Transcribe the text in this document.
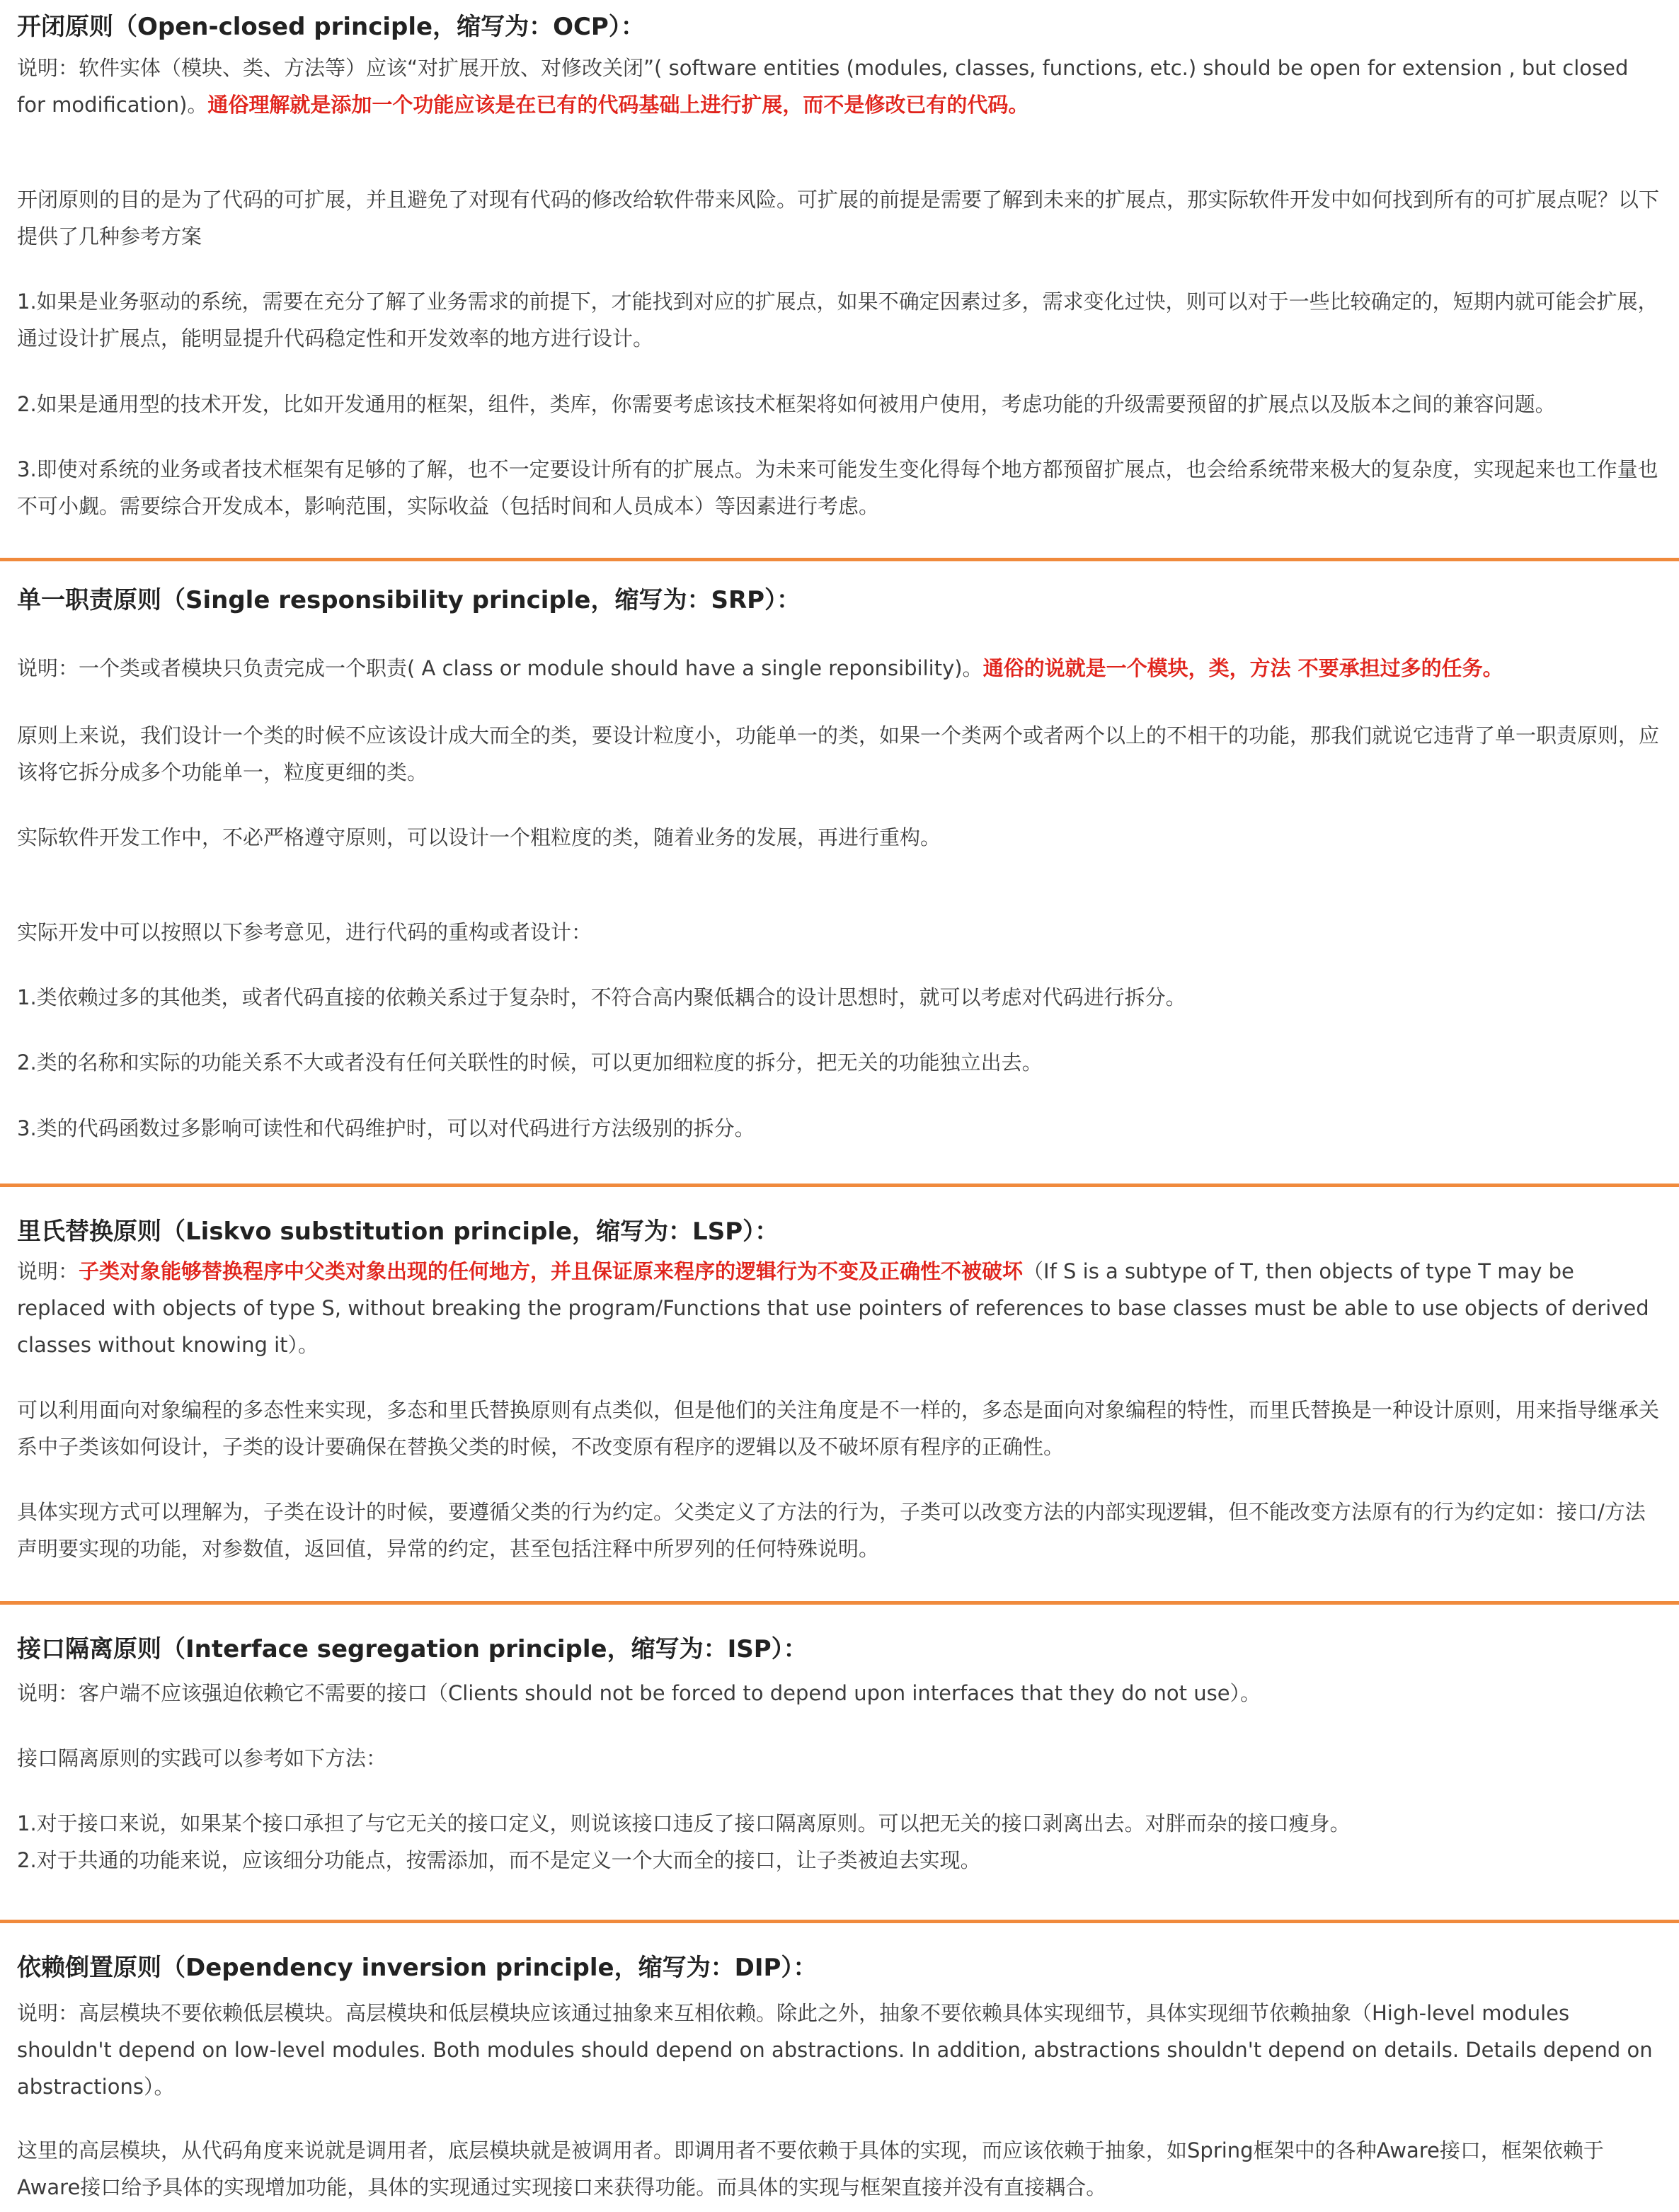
开闭原则（Open-closed principle，缩写为：OCP）：

说明：软件实体（模块、类、方法等）应该“对扩展开放、对修改关闭”( software entities (modules, classes, functions, etc.) should be open for extension , but closed for modification)。通俗理解就是添加一个功能应该是在已有的代码基础上进行扩展，而不是修改已有的代码。

开闭原则的目的是为了代码的可扩展，并且避免了对现有代码的修改给软件带来风险。可扩展的前提是需要了解到未来的扩展点，那实际软件开发中如何找到所有的可扩展点呢？以下提供了几种参考方案

1.如果是业务驱动的系统，需要在充分了解了业务需求的前提下，才能找到对应的扩展点，如果不确定因素过多，需求变化过快，则可以对于一些比较确定的，短期内就可能会扩展，通过设计扩展点，能明显提升代码稳定性和开发效率的地方进行设计。

2.如果是通用型的技术开发，比如开发通用的框架，组件，类库，你需要考虑该技术框架将如何被用户使用，考虑功能的升级需要预留的扩展点以及版本之间的兼容问题。

3.即使对系统的业务或者技术框架有足够的了解，也不一定要设计所有的扩展点。为未来可能发生变化得每个地方都预留扩展点，也会给系统带来极大的复杂度，实现起来也工作量也不可小觑。需要综合开发成本，影响范围，实际收益（包括时间和人员成本）等因素进行考虑。

单一职责原则（Single responsibility principle，缩写为：SRP）：

说明：一个类或者模块只负责完成一个职责( A class or module should have a single reponsibility)。通俗的说就是一个模块，类，方法 不要承担过多的任务。

原则上来说，我们设计一个类的时候不应该设计成大而全的类，要设计粒度小，功能单一的类，如果一个类两个或者两个以上的不相干的功能，那我们就说它违背了单一职责原则，应该将它拆分成多个功能单一，粒度更细的类。

实际软件开发工作中，不必严格遵守原则，可以设计一个粗粒度的类，随着业务的发展，再进行重构。

实际开发中可以按照以下参考意见，进行代码的重构或者设计：

1.类依赖过多的其他类，或者代码直接的依赖关系过于复杂时，不符合高内聚低耦合的设计思想时，就可以考虑对代码进行拆分。

2.类的名称和实际的功能关系不大或者没有任何关联性的时候，可以更加细粒度的拆分，把无关的功能独立出去。

3.类的代码函数过多影响可读性和代码维护时，可以对代码进行方法级别的拆分。

里氏替换原则（Liskvo substitution principle，缩写为：LSP）：

说明：子类对象能够替换程序中父类对象出现的任何地方，并且保证原来程序的逻辑行为不变及正确性不被破坏（If S is a subtype of T, then objects of type T may be replaced with objects of type S, without breaking the program/Functions that use pointers of references to base classes must be able to use objects of derived classes without knowing it）。

可以利用面向对象编程的多态性来实现，多态和里氏替换原则有点类似，但是他们的关注角度是不一样的，多态是面向对象编程的特性，而里氏替换是一种设计原则，用来指导继承关系中子类该如何设计，子类的设计要确保在替换父类的时候，不改变原有程序的逻辑以及不破坏原有程序的正确性。

具体实现方式可以理解为，子类在设计的时候，要遵循父类的行为约定。父类定义了方法的行为，子类可以改变方法的内部实现逻辑，但不能改变方法原有的行为约定如：接口/方法 声明要实现的功能，对参数值，返回值，异常的约定，甚至包括注释中所罗列的任何特殊说明。

接口隔离原则（Interface segregation principle，缩写为：ISP）：

说明：客户端不应该强迫依赖它不需要的接口（Clients should not be forced to depend upon interfaces that they do not use）。

接口隔离原则的实践可以参考如下方法：

1.对于接口来说，如果某个接口承担了与它无关的接口定义，则说该接口违反了接口隔离原则。可以把无关的接口剥离出去。对胖而杂的接口瘦身。

2.对于共通的功能来说，应该细分功能点，按需添加，而不是定义一个大而全的接口，让子类被迫去实现。

依赖倒置原则（Dependency inversion principle，缩写为：DIP）：

说明：高层模块不要依赖低层模块。高层模块和低层模块应该通过抽象来互相依赖。除此之外，抽象不要依赖具体实现细节，具体实现细节依赖抽象（High-level modules shouldn't depend on low-level modules. Both modules should depend on abstractions. In addition, abstractions shouldn't depend on details. Details depend on abstractions）。

这里的高层模块，从代码角度来说就是调用者，底层模块就是被调用者。即调用者不要依赖于具体的实现，而应该依赖于抽象，如Spring框架中的各种Aware接口，框架依赖于Aware接口给予具体的实现增加功能，具体的实现通过实现接口来获得功能。而具体的实现与框架直接并没有直接耦合。
